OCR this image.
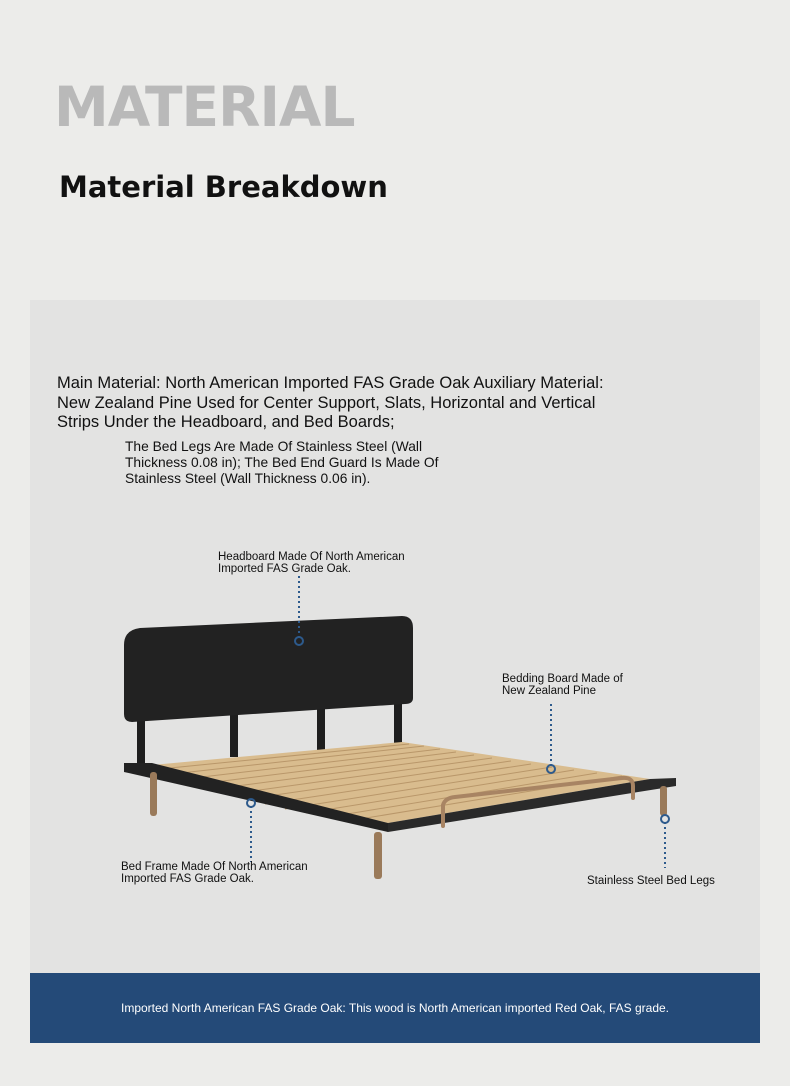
MATERIAL
Material Breakdown
Main Material: North American Imported FAS Grade Oak Auxiliary Material: New Zealand Pine Used for Center Support, Slats, Horizontal and Vertical Strips Under the Headboard, and Bed Boards;
The Bed Legs Are Made Of Stainless Steel (Wall Thickness 0.08 in); The Bed End Guard Is Made Of Stainless Steel (Wall Thickness 0.06 in).
Headboard Made Of North American Imported FAS Grade Oak.
Bedding Board Made of New Zealand Pine
Bed Frame Made Of North American Imported FAS Grade Oak.	Stainless Steel Bed Legs
Imported North American FAS Grade Oak: This wood is North American imported Red Oak, FAS grade.
